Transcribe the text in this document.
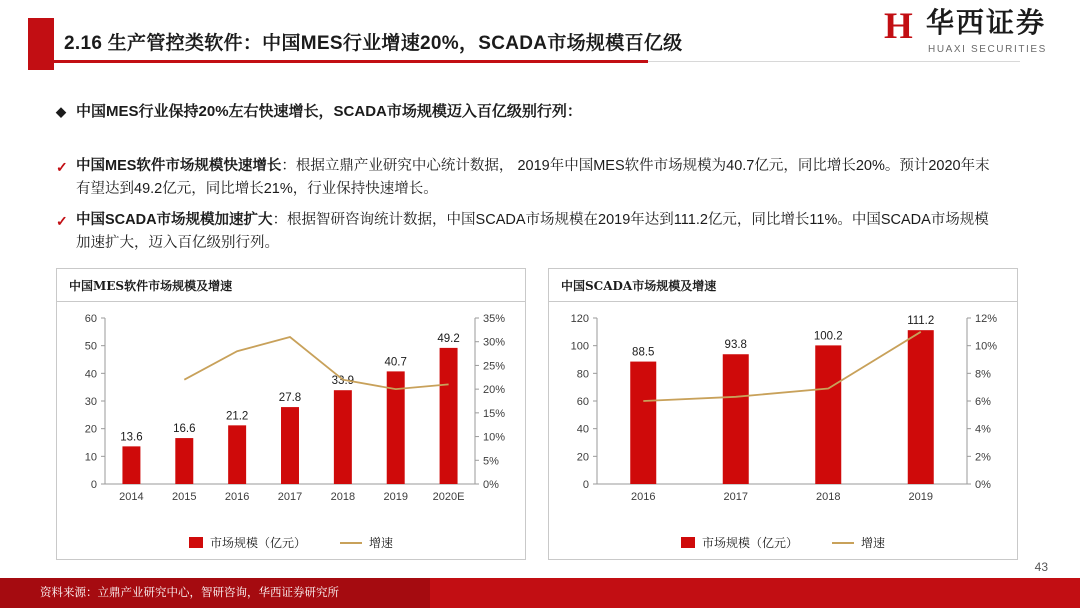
2.16 生产管控类软件：中国MES行业增速20%，SCADA市场规模百亿级	H 华西证券
HUAXI SECURITIES
◆ 中国MES行业保持20%左右快速增长，SCADA市场规模迈入百亿级别行列：
✓ 中国MES软件市场规模快速增长：根据立鼎产业研究中心统计数据， 2019年中国MES软件市场规模为40.7亿元，同比增长20%。预计2020年末有望达到49.2亿元，同比增长21%，行业保持快速增长。
✓ 中国SCADA市场规模加速扩大：根据智研咨询统计数据，中国SCADA市场规模在2019年达到111.2亿元，同比增长11%。中国SCADA市场规模加速扩大，迈入百亿级别行列。
中国MES软件市场规模及增速
0
10
20
30
40
50
60
0%
5%
10%
15%
20%
25%
30%
35%
13.6
2014
16.6
2015
21.2
2016
27.8
2017
33.9
2018
40.7
2019
49.2
2020E
市场规模（亿元）	增速
中国SCADA市场规模及增速
0
20
40
60
80
100
120
0%
2%
4%
6%
8%
10%
12%
88.5
2016
93.8
2017
100.2
2018
111.2
2019
市场规模（亿元）	增速
43
资料来源：立鼎产业研究中心，智研咨询，华西证券研究所
